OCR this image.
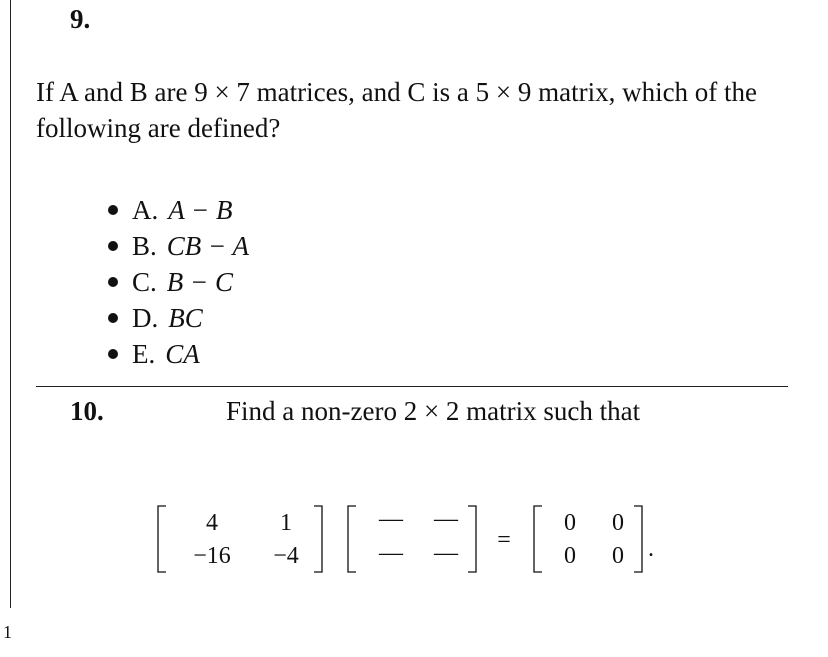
1
9.
If A and B are 9 × 7 matrices, and C is a 5 × 9 matrix, which of the following are defined?
A. A − B
B. CB − A
C. B − C
D. BC
E. CA
10.	Find a non-zero 2 × 2 matrix such that
4	1
−16 −4
— —
— — =
0 0
0 0 .
